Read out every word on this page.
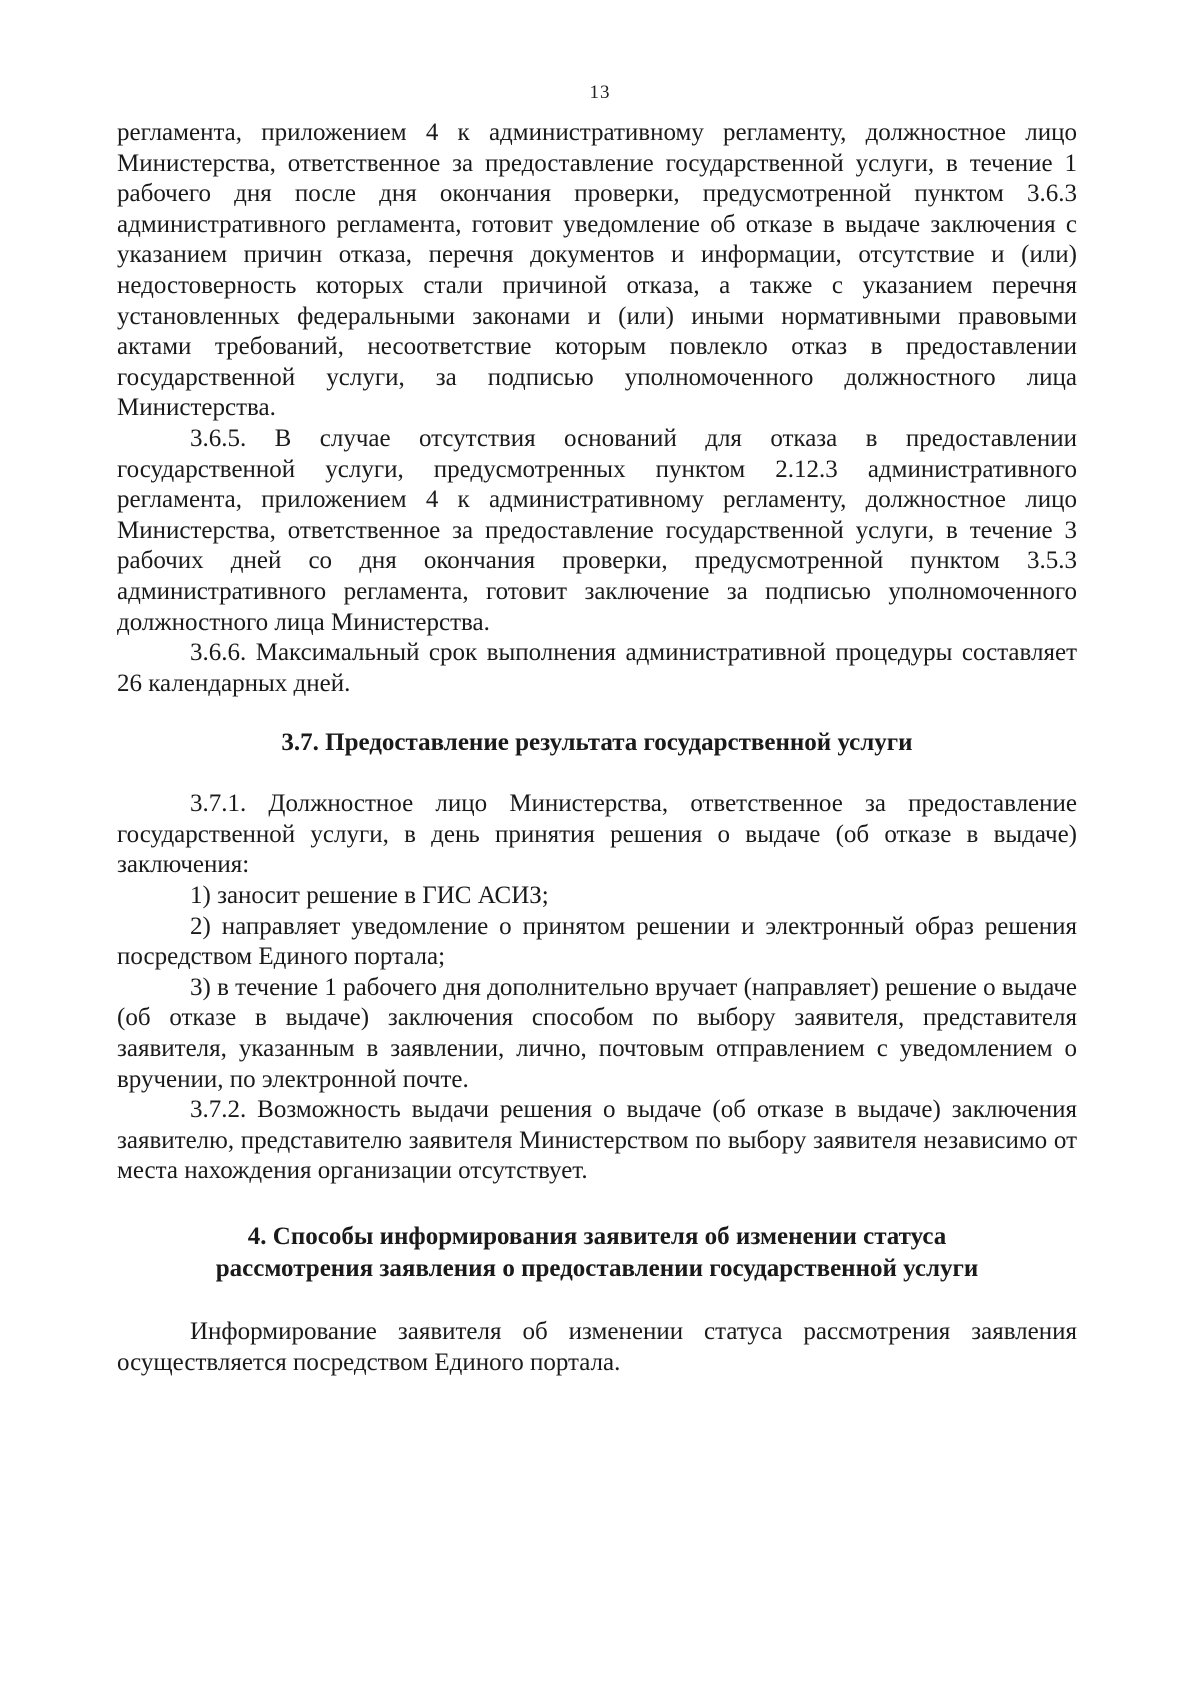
13

регламента, приложением 4 к административному регламенту, должностное лицо Министерства, ответственное за предоставление государственной услуги, в течение 1 рабочего дня после дня окончания проверки, предусмотренной пунктом 3.6.3 административного регламента, готовит уведомление об отказе в выдаче заключения с указанием причин отказа, перечня документов и информации, отсутствие и (или) недостоверность которых стали причиной отказа, а также с указанием перечня установленных федеральными законами и (или) иными нормативными правовыми актами требований, несоответствие которым повлекло отказ в предоставлении государственной услуги, за подписью уполномоченного должностного лица Министерства.

3.6.5. В случае отсутствия оснований для отказа в предоставлении государственной услуги, предусмотренных пунктом 2.12.3 административного регламента, приложением 4 к административному регламенту, должностное лицо Министерства, ответственное за предоставление государственной услуги, в течение 3 рабочих дней со дня окончания проверки, предусмотренной пунктом 3.5.3 административного регламента, готовит заключение за подписью уполномоченного должностного лица Министерства.

3.6.6. Максимальный срок выполнения административной процедуры составляет 26 календарных дней.

3.7. Предоставление результата государственной услуги

3.7.1. Должностное лицо Министерства, ответственное за предоставление государственной услуги, в день принятия решения о выдаче (об отказе в выдаче) заключения:

1) заносит решение в ГИС АСИЗ;

2) направляет уведомление о принятом решении и электронный образ решения посредством Единого портала;

3) в течение 1 рабочего дня дополнительно вручает (направляет) решение о выдаче (об отказе в выдаче) заключения способом по выбору заявителя, представителя заявителя, указанным в заявлении, лично, почтовым отправлением с уведомлением о вручении, по электронной почте.

3.7.2. Возможность выдачи решения о выдаче (об отказе в выдаче) заключения заявителю, представителю заявителя Министерством по выбору заявителя независимо от места нахождения организации отсутствует.

4. Способы информирования заявителя об изменении статуса
рассмотрения заявления о предоставлении государственной услуги

Информирование заявителя об изменении статуса рассмотрения заявления осуществляется посредством Единого портала.
